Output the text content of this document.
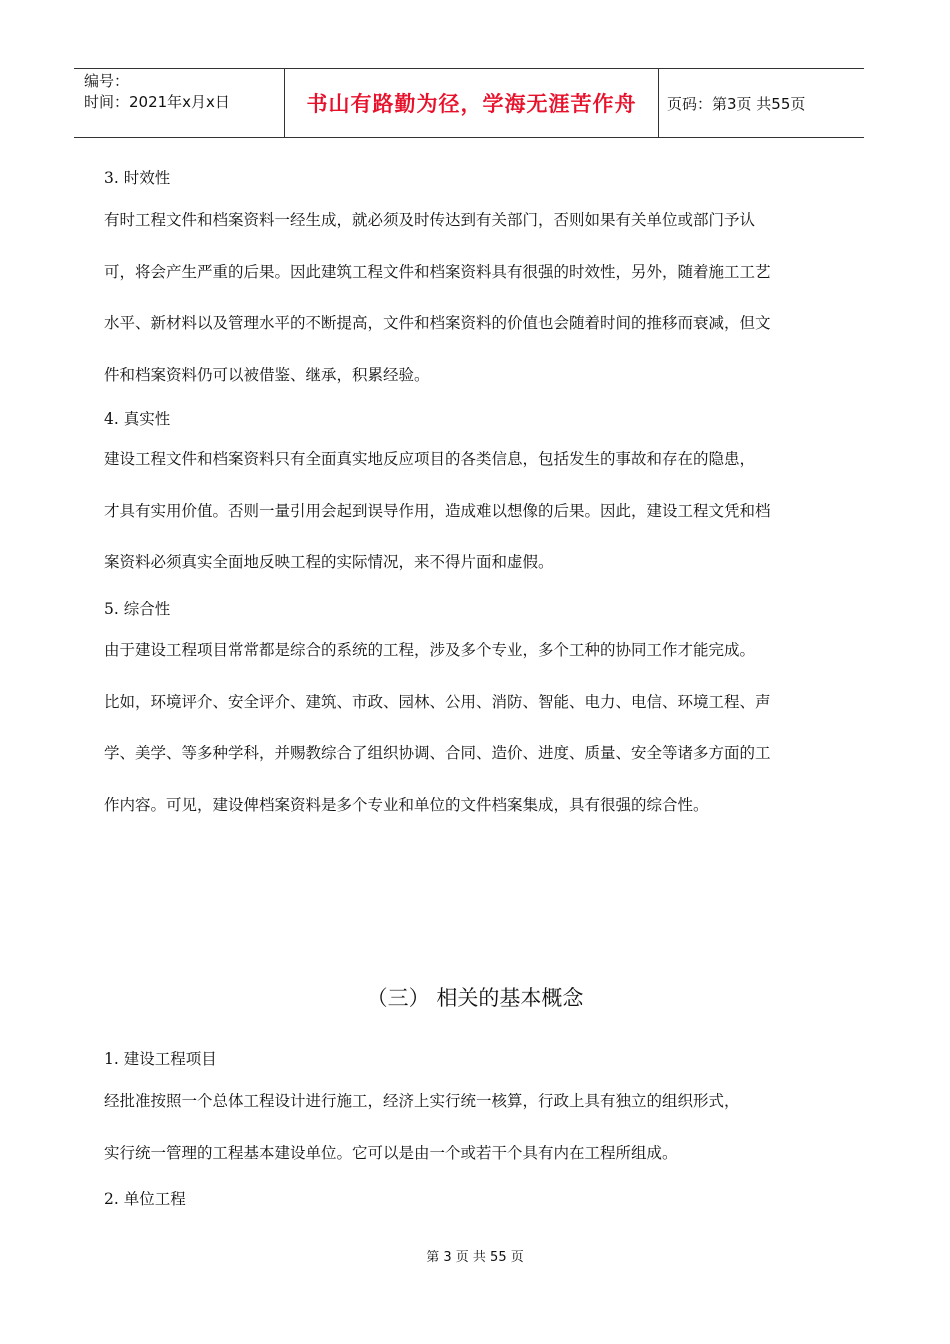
编号：
时间：2021年x月x日	书山有路勤为径，学海无涯苦作舟	页码：第3页 共55页
3. 时效性

有时工程文件和档案资料一经生成，就必须及时传达到有关部门，否则如果有关单位或部门予认

可，将会产生严重的后果。因此建筑工程文件和档案资料具有很强的时效性，另外，随着施工工艺

水平、新材料以及管理水平的不断提高，文件和档案资料的价值也会随着时间的推移而衰减，但文

件和档案资料仍可以被借鉴、继承，积累经验。

4. 真实性

建设工程文件和档案资料只有全面真实地反应项目的各类信息，包括发生的事故和存在的隐患，

才具有实用价值。否则一量引用会起到误导作用，造成难以想像的后果。因此，建设工程文凭和档

案资料必须真实全面地反映工程的实际情况，来不得片面和虚假。

5. 综合性

由于建设工程项目常常都是综合的系统的工程，涉及多个专业，多个工种的协同工作才能完成。

比如，环境评介、安全评介、建筑、市政、园林、公用、消防、智能、电力、电信、环境工程、声

学、美学、等多种学科，并赐教综合了组织协调、合同、造价、进度、质量、安全等诸多方面的工

作内容。可见，建设俾档案资料是多个专业和单位的文件档案集成，具有很强的综合性。

（三） 相关的基本概念
1. 建设工程项目

经批准按照一个总体工程设计进行施工，经济上实行统一核算，行政上具有独立的组织形式，

实行统一管理的工程基本建设单位。它可以是由一个或若干个具有内在工程所组成。

2. 单位工程
第 3 页 共 55 页
